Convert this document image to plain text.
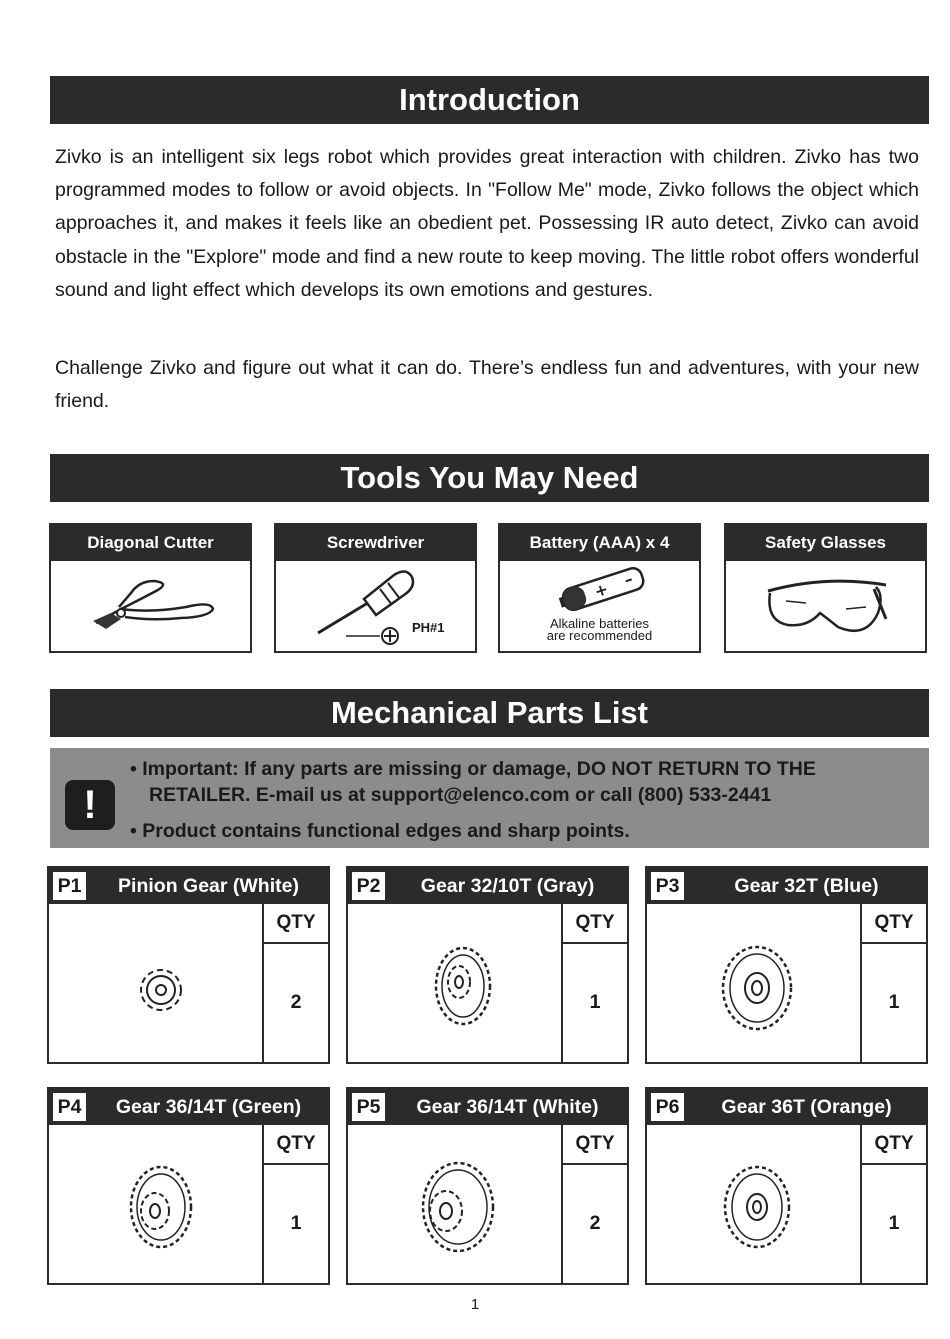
Introduction

Zivko is an intelligent six legs robot which provides great interaction with children. Zivko has two programmed modes to follow or avoid objects. In "Follow Me" mode, Zivko follows the object which approaches it, and makes it feels like an obedient pet. Possessing IR auto detect, Zivko can avoid obstacle in the "Explore" mode and find a new route to keep moving. The little robot offers wonderful sound and light effect which develops its own emotions and gestures.

Challenge Zivko and figure out what it can do. There’s endless fun and adventures, with your new friend.

Tools You May Need
Diagonal Cutter	Screwdriver
PH#1
Battery (AAA) x 4
+ –
Alkaline batteries
are recommended
Safety Glasses
Mechanical Parts List
!
• Important: If any parts are missing or damage, DO NOT RETURN TO THE
RETAILER. E-mail us at support@elenco.com or call (800) 533-2441
• Product contains functional edges and sharp points.
P1	Pinion Gear (White)
QTY
2
P2	Gear 32/10T (Gray)
QTY
1
P3	Gear 32T (Blue)
QTY
1
P4	Gear 36/14T (Green)
QTY
1
P5	Gear 36/14T (White)
QTY
2
P6	Gear 36T (Orange)
QTY
1
1
